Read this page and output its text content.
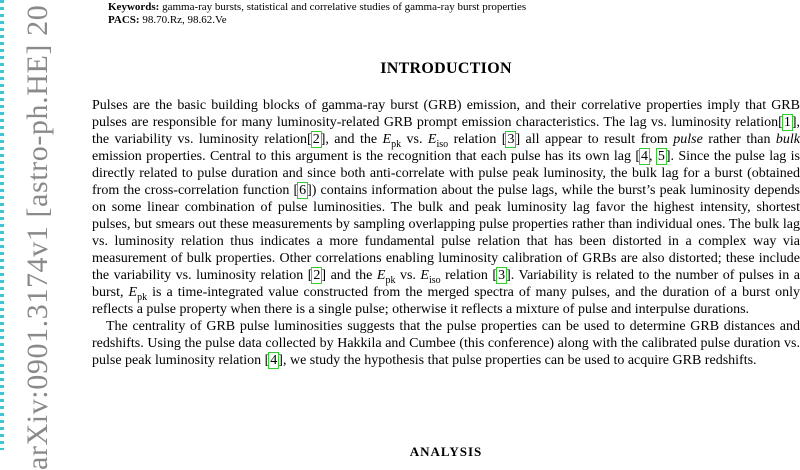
arXiv:0901.3174v1 [astro-ph.HE] 20	Keywords: gamma-ray bursts, statistical and correlative studies of gamma-ray burst properties
PACS: 98.70.Rz, 98.62.Ve
INTRODUCTION

Pulses are the basic building blocks of gamma-ray burst (GRB) emission, and their correlative properties imply that GRB pulses are responsible for many luminosity-related GRB prompt emission characteristics. The lag vs. luminosity relation[1], the variability vs. luminosity relation[2], and the $E_{pk}$ vs. $E_{iso}$ relation [3] all appear to result from pulse rather than bulk emission properties. Central to this argument is the recognition that each pulse has its own lag [4, 5]. Since the pulse lag is directly related to pulse duration and since both anti-correlate with pulse peak luminosity, the bulk lag for a burst (obtained from the cross-correlation function [6]) contains information about the pulse lags, while the burst’s peak luminosity depends on some linear combination of pulse luminosities. The bulk and peak luminosity lag favor the highest intensity, shortest pulses, but smears out these measurements by sampling overlapping pulse properties rather than individual ones. The bulk lag vs. luminosity relation thus indicates a more fundamental pulse relation that has been distorted in a complex way via measurement of bulk properties. Other correlations enabling luminosity calibration of GRBs are also distorted; these include the variability vs. luminosity relation [2] and the $E_{pk}$ vs. $E_{iso}$ relation [3]. Variability is related to the number of pulses in a burst, $E_{pk}$ is a time-integrated value constructed from the merged spectra of many pulses, and the duration of a burst only reflects a pulse property when there is a single pulse; otherwise it reflects a mixture of pulse and interpulse durations.

The centrality of GRB pulse luminosities suggests that the pulse properties can be used to determine GRB distances and redshifts. Using the pulse data collected by Hakkila and Cumbee (this conference) along with the calibrated pulse duration vs. pulse peak luminosity relation [4], we study the hypothesis that pulse properties can be used to acquire GRB redshifts.

ANALYSIS
